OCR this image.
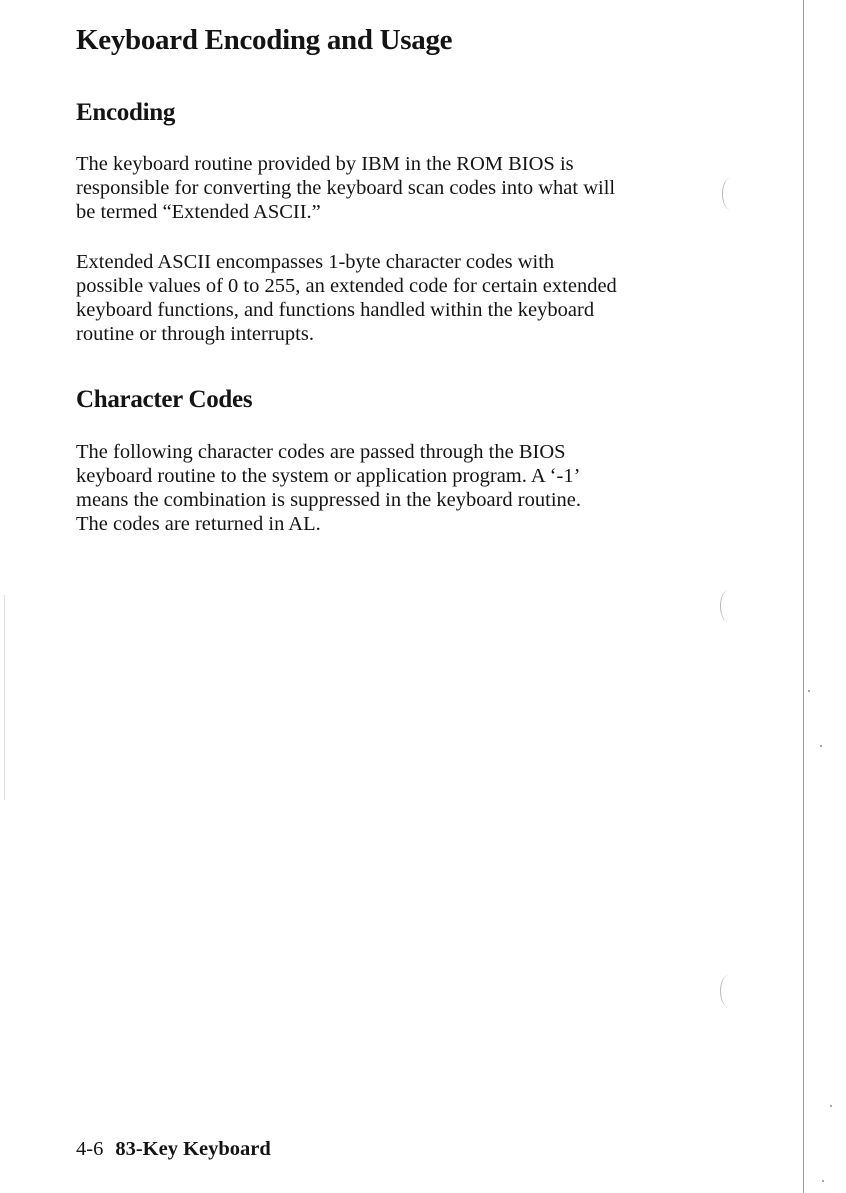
Keyboard Encoding and Usage
Encoding

The keyboard routine provided by IBM in the ROM BIOS is
responsible for converting the keyboard scan codes into what will
be termed “Extended ASCII.”

Extended ASCII encompasses 1-byte character codes with
possible values of 0 to 255, an extended code for certain extended
keyboard functions, and functions handled within the keyboard
routine or through interrupts.

Character Codes

The following character codes are passed through the BIOS
keyboard routine to the system or application program. A ‘-1’
means the combination is suppressed in the keyboard routine.
The codes are returned in AL.

4-6 83-Key Keyboard
